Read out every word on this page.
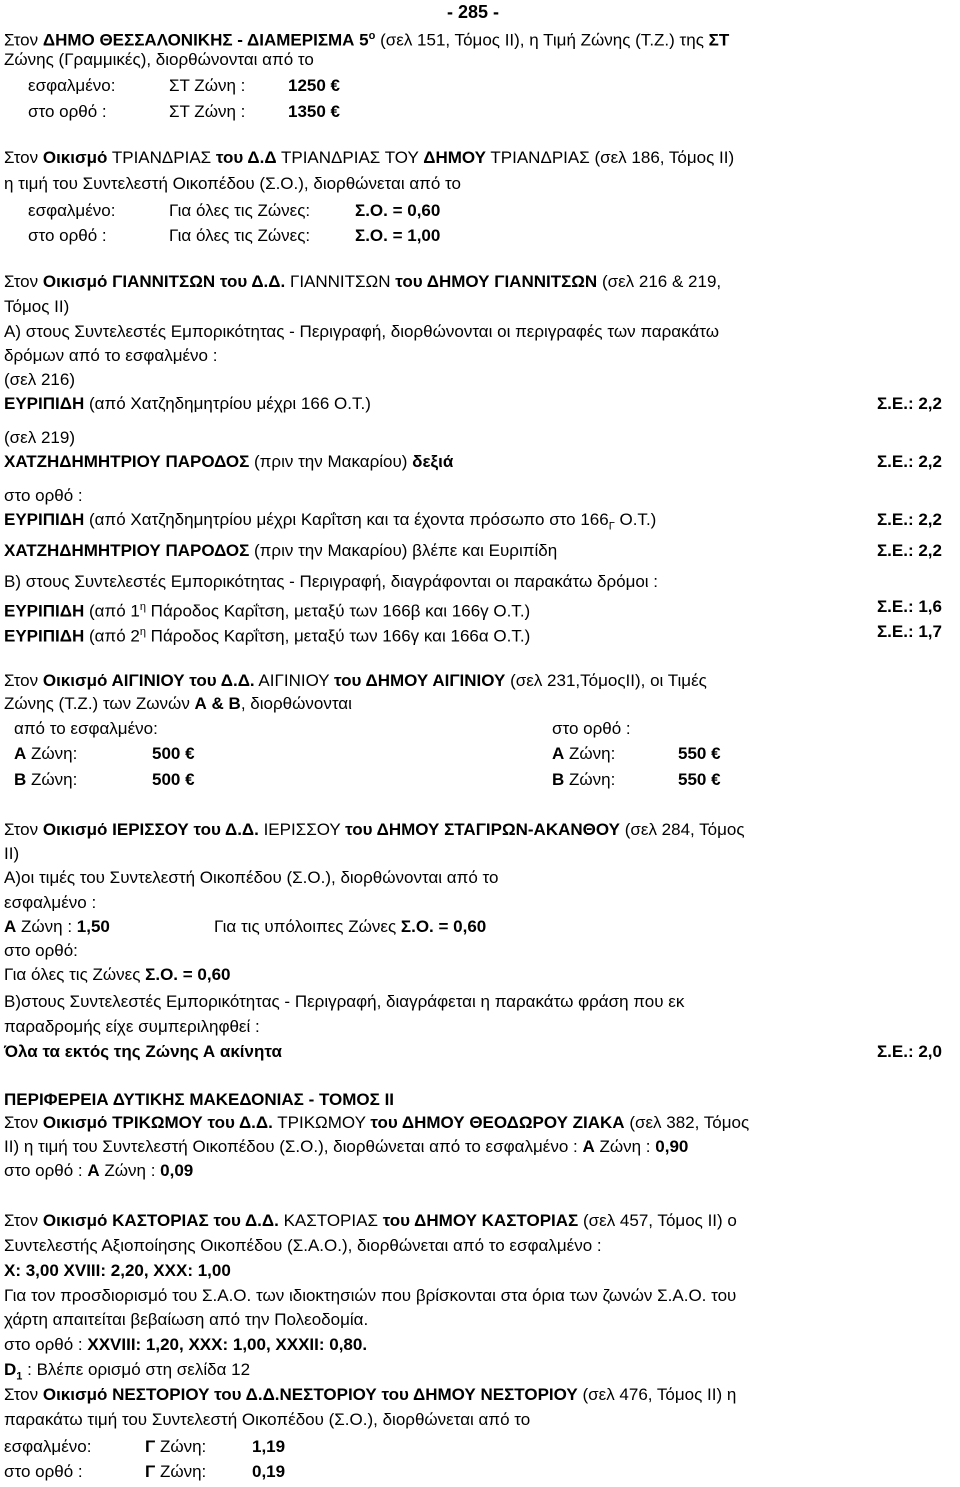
- 285 -
Στον ΔΗΜΟ ΘΕΣΣΑΛΟΝΙΚΗΣ - ΔΙΑΜΕΡΙΣΜΑ $5^o$ (σελ 151, Τόμος ΙΙ), η Τιμή Ζώνης (Τ.Ζ.) της ΣΤ
Ζώνης (Γραμμικές), διορθώνονται από το
εσφαλμένο:	ΣΤ Ζώνη :	1250 €
στο ορθό :	ΣΤ Ζώνη :	1350 €
Στον Οικισμό ΤΡΙΑΝΔΡΙΑΣ του Δ.Δ ΤΡΙΑΝΔΡΙΑΣ ΤΟΥ ΔΗΜΟΥ ΤΡΙΑΝΔΡΙΑΣ (σελ 186, Τόμος ΙΙ)
η τιμή του Συντελεστή Οικοπέδου (Σ.Ο.), διορθώνεται από το
εσφαλμένο:	Για όλες τις Ζώνες:	Σ.Ο. = 0,60
στο ορθό :	Για όλες τις Ζώνες:	Σ.Ο. = 1,00
Στον Οικισμό ΓΙΑΝΝΙΤΣΩΝ του Δ.Δ. ΓΙΑΝΝΙΤΣΩΝ του ΔΗΜΟΥ ΓΙΑΝΝΙΤΣΩΝ (σελ 216 & 219,
Τόμος ΙΙ)
Α) στους Συντελεστές Εμπορικότητας - Περιγραφή, διορθώνονται οι περιγραφές των παρακάτω
δρόμων από το εσφαλμένο :
(σελ 216)
ΕΥΡΙΠΙΔΗ (από Χατζηδημητρίου μέχρι 166 Ο.Τ.)	Σ.Ε.: 2,2
(σελ 219)
ΧΑΤΖΗΔΗΜΗΤΡΙΟΥ ΠΑΡΟΔΟΣ (πριν την Μακαρίου) δεξιά	Σ.Ε.: 2,2
στο ορθό :
ΕΥΡΙΠΙΔΗ (από Χατζηδημητρίου μέχρι Καρΐτση και τα έχοντα πρόσωπο στο $166_\Gamma$ Ο.Τ.)	Σ.Ε.: 2,2
ΧΑΤΖΗΔΗΜΗΤΡΙΟΥ ΠΑΡΟΔΟΣ (πριν την Μακαρίου) βλέπε και Ευριπίδη	Σ.Ε.: 2,2
Β) στους Συντελεστές Εμπορικότητας - Περιγραφή, διαγράφονται οι παρακάτω δρόμοι :
ΕΥΡΙΠΙΔΗ (από $1^\eta$ Πάροδος Καρΐτση, μεταξύ των 166β και 166γ Ο.Τ.)	Σ.Ε.: 1,6
ΕΥΡΙΠΙΔΗ (από $2^\eta$ Πάροδος Καρΐτση, μεταξύ των 166γ και 166α Ο.Τ.)	Σ.Ε.: 1,7
Στον Οικισμό ΑΙΓΙΝΙΟΥ του Δ.Δ. ΑΙΓΙΝΙΟΥ του ΔΗΜΟΥ ΑΙΓΙΝΙΟΥ (σελ 231,ΤόμοςΙΙ), οι Τιμές
Ζώνης (Τ.Ζ.) των Ζωνών Α & Β, διορθώνονται
από το εσφαλμένο:	στο ορθό :
Α Ζώνη:	500 €	Α Ζώνη:	550 €
Β Ζώνη:	500 €	Β Ζώνη:	550 €
Στον Οικισμό ΙΕΡΙΣΣΟΥ του Δ.Δ. ΙΕΡΙΣΣΟΥ του ΔΗΜΟΥ ΣΤΑΓΙΡΩΝ-ΑΚΑΝΘΟΥ (σελ 284, Τόμος
ΙΙ)
Α)οι τιμές του Συντελεστή Οικοπέδου (Σ.Ο.), διορθώνονται από το
εσφαλμένο :
Α Ζώνη : 1,50	Για τις υπόλοιπες Ζώνες Σ.Ο. = 0,60
στο ορθό:
Για όλες τις Ζώνες Σ.Ο. = 0,60
Β)στους Συντελεστές Εμπορικότητας - Περιγραφή, διαγράφεται η παρακάτω φράση που εκ
παραδρομής είχε συμπεριληφθεί :
Όλα τα εκτός της Ζώνης Α ακίνητα	Σ.Ε.: 2,0
ΠΕΡΙΦΕΡΕΙΑ ΔΥΤΙΚΗΣ ΜΑΚΕΔΟΝΙΑΣ - ΤΟΜΟΣ ΙΙ
Στον Οικισμό ΤΡΙΚΩΜΟΥ του Δ.Δ. ΤΡΙΚΩΜΟΥ του ΔΗΜΟΥ ΘΕΟΔΩΡΟΥ ΖΙΑΚΑ (σελ 382, Τόμος
ΙΙ) η τιμή του Συντελεστή Οικοπέδου (Σ.Ο.), διορθώνεται από το εσφαλμένο : Α Ζώνη : 0,90
στο ορθό : Α Ζώνη : 0,09
Στον Οικισμό ΚΑΣΤΟΡΙΑΣ του Δ.Δ. ΚΑΣΤΟΡΙΑΣ του ΔΗΜΟΥ ΚΑΣΤΟΡΙΑΣ (σελ 457, Τόμος ΙΙ) ο
Συντελεστής Αξιοποίησης Οικοπέδου (Σ.Α.Ο.), διορθώνεται από το εσφαλμένο :
Χ: 3,00 XVIII: 2,20, XXX: 1,00
Για τον προσδιορισμό του Σ.Α.Ο. των ιδιοκτησιών που βρίσκονται στα όρια των ζωνών Σ.Α.Ο. του
χάρτη απαιτείται βεβαίωση από την Πολεοδομία.
στο ορθό : XXVIII: 1,20, XXX: 1,00, XXXII: 0,80.
$D_1$ : Βλέπε ορισμό στη σελίδα 12
Στον Οικισμό ΝΕΣΤΟΡΙΟΥ του Δ.Δ.ΝΕΣΤΟΡΙΟΥ του ΔΗΜΟΥ ΝΕΣΤΟΡΙΟΥ (σελ 476, Τόμος ΙΙ) η
παρακάτω τιμή του Συντελεστή Οικοπέδου (Σ.Ο.), διορθώνεται από το
εσφαλμένο:	Γ Ζώνη:	1,19
στο ορθό :	Γ Ζώνη:	0,19
